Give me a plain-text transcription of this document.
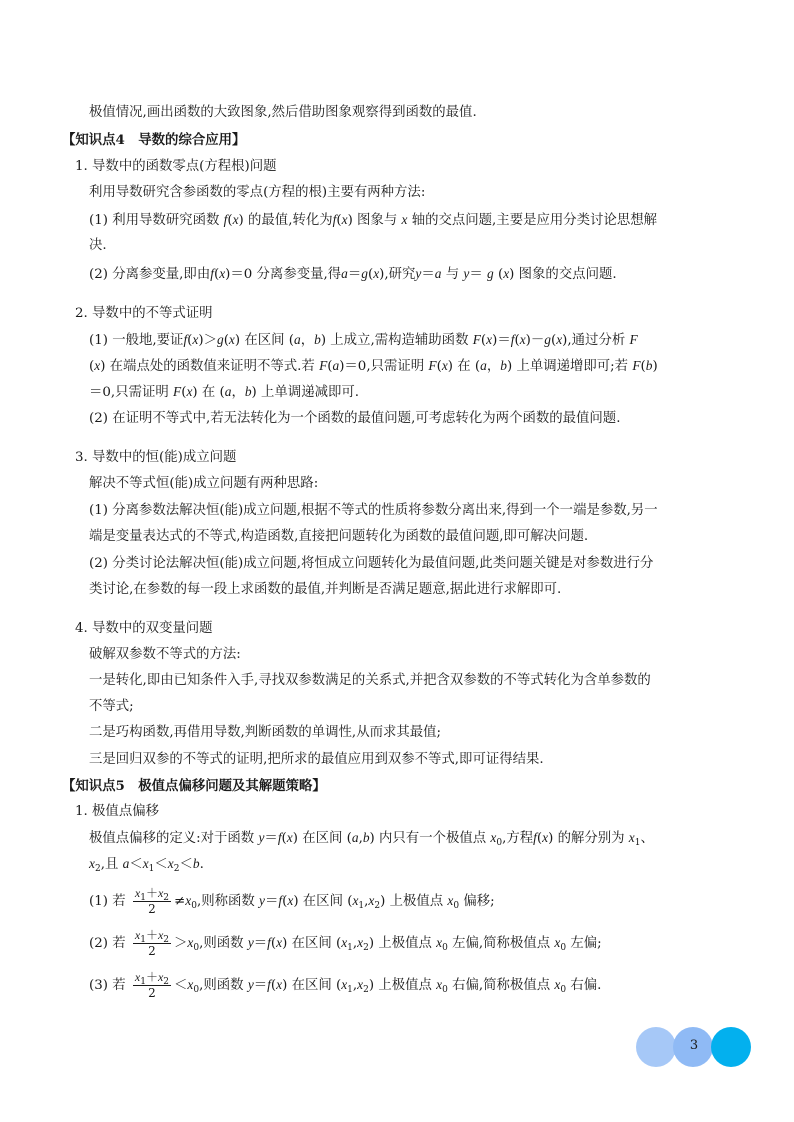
极值情况,画出函数的大致图象,然后借助图象观察得到函数的最值.
【知识点4　导数的综合应用】
1. 导数中的函数零点(方程根)问题
利用导数研究含参函数的零点(方程的根)主要有两种方法:
(1) 利用导数研究函数 f(x) 的最值,转化为f(x) 图象与 x 轴的交点问题,主要是应用分类讨论思想解
决.
(2) 分离参变量,即由f(x)＝0 分离参变量,得a＝g(x),研究y＝a 与 y＝ g (x) 图象的交点问题.
2. 导数中的不等式证明
(1) 一般地,要证f(x)＞g(x) 在区间 (a，b) 上成立,需构造辅助函数 F(x)＝f(x)－g(x),通过分析 F
(x) 在端点处的函数值来证明不等式.若 F(a)＝0,只需证明 F(x) 在 (a，b) 上单调递增即可;若 F(b)
＝0,只需证明 F(x) 在 (a，b) 上单调递减即可.
(2) 在证明不等式中,若无法转化为一个函数的最值问题,可考虑转化为两个函数的最值问题.
3. 导数中的恒(能)成立问题
解决不等式恒(能)成立问题有两种思路:
(1) 分离参数法解决恒(能)成立问题,根据不等式的性质将参数分离出来,得到一个一端是参数,另一
端是变量表达式的不等式,构造函数,直接把问题转化为函数的最值问题,即可解决问题.
(2) 分类讨论法解决恒(能)成立问题,将恒成立问题转化为最值问题,此类问题关键是对参数进行分
类讨论,在参数的每一段上求函数的最值,并判断是否满足题意,据此进行求解即可.
4. 导数中的双变量问题
破解双参数不等式的方法:
一是转化,即由已知条件入手,寻找双参数满足的关系式,并把含双参数的不等式转化为含单参数的
不等式;
二是巧构函数,再借用导数,判断函数的单调性,从而求其最值;
三是回归双参的不等式的证明,把所求的最值应用到双参不等式,即可证得结果.
【知识点5　极值点偏移问题及其解题策略】
1. 极值点偏移
极值点偏移的定义:对于函数 y＝f(x) 在区间 (a,b) 内只有一个极值点 $x_0$,方程f(x) 的解分别为 $x_1$、
$x_2$,且 $a<x_1<x_2<b$.
(1) 若 $\frac{x_1+x_2}{2} \ne x_0$,则称函数 y＝f(x) 在区间 $(x_1,x_2)$ 上极值点 $x_0$ 偏移;
(2) 若 $\frac{x_1+x_2}{2} >x_0$,则函数 y＝f(x) 在区间 $(x_1,x_2)$ 上极值点 $x_0$ 左偏,简称极值点 $x_0$ 左偏;
(3) 若 $\frac{x_1+x_2}{2} <x_0$,则函数 y＝f(x) 在区间 $(x_1,x_2)$ 上极值点 $x_0$ 右偏,简称极值点 $x_0$ 右偏.
3
